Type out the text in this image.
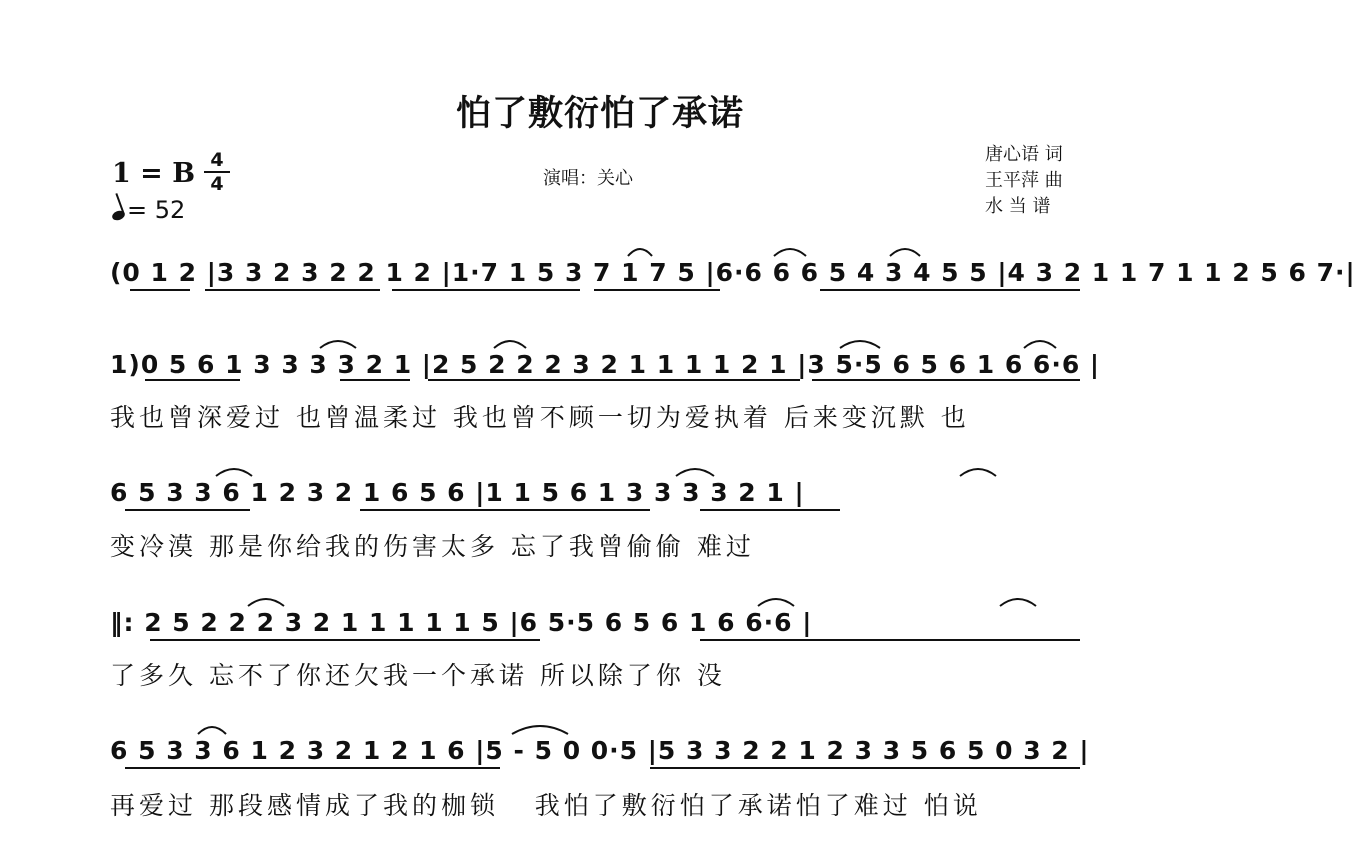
怕了敷衍怕了承诺
1 = B 4
4
= 52
演唱：关心
唐心语 词
王平萍 曲
水 当 谱

(0 1 2 |3 3 2 3 2 2 1 2 |1·7 1 5 3 7 1 7 5 |6·6 6 6 5 4 3 4 5 5 |4 3 2 1 1 7 1 1 2 5 6 7·|

1)0 5 6 1 3 3 3 3 2 1 |2 5 2 2 2 3 2 1 1 1 1 2 1 |3 5·5 6 5 6 1 6 6·6 |

我也曾深爱过 也曾温柔过 我也曾不顾一切为爱执着 后来变沉默 也

6 5 3 3 6 1 2 3 2 1 6 5 6 |1 1 5 6 1 3 3 3 3 2 1 |

变冷漠 那是你给我的伤害太多 忘了我曾偷偷 难过

‖: 2 5 2 2 2 3 2 1 1 1 1 1 5 |6 5·5 6 5 6 1 6 6·6 |

了多久 忘不了你还欠我一个承诺 所以除了你 没

6 5 3 3 6 1 2 3 2 1 2 1 6 |5 - 5 0 0·5 |5 3 3 2 2 1 2 3 3 5 6 5 0 3 2 |

再爱过 那段感情成了我的枷锁   我怕了敷衍怕了承诺怕了难过 怕说
